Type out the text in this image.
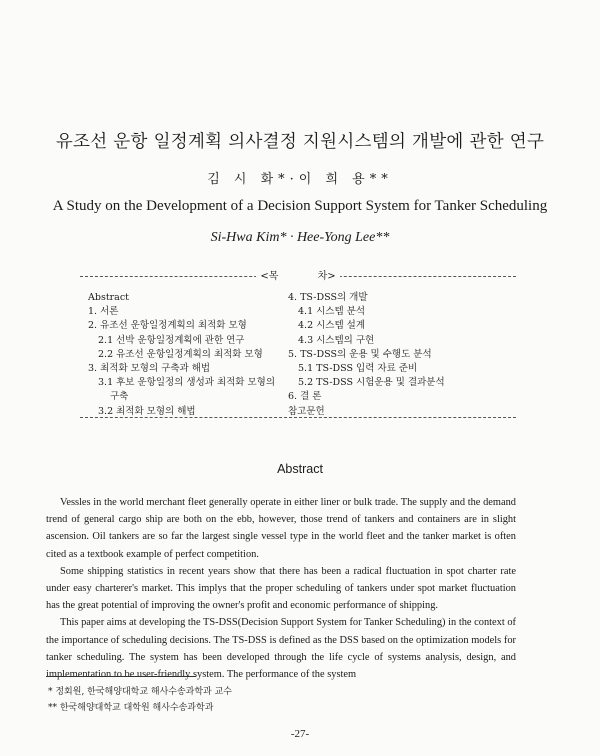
유조선 운항 일정계획 의사결정 지원시스템의 개발에 관한 연구
김 시 화*·이 희 용**
A Study on the Development of a Decision Support System for Tanker Scheduling
Si-Hwa Kim* · Hee-Yong Lee**
<목 차>
Abstract
1. 서론
2. 유조선 운항일정계획의 최적화 모형
2.1 선박 운항일정계획에 관한 연구
2.2 유조선 운항일정계획의 최적화 모형
3. 최적화 모형의 구축과 해법
3.1 후보 운항일정의 생성과 최적화 모형의
구축
3.2 최적화 모형의 해법
4. TS-DSS의 개발
4.1 시스템 분석
4.2 시스템 설계
4.3 시스템의 구현
5. TS-DSS의 운용 및 수행도 분석
5.1 TS-DSS 입력 자료 준비
5.2 TS-DSS 시험운용 및 결과분석
6. 결 론
참고문헌
Abstract

Vessles in the world merchant fleet generally operate in either liner or bulk trade. The supply and the demand trend of general cargo ship are both on the ebb, however, those trend of tankers and containers are in slight ascension. Oil tankers are so far the largest single vessel type in the world fleet and the tanker market is often cited as a textbook example of perfect competition.

Some shipping statistics in recent years show that there has been a radical fluctuation in spot charter rate under easy charterer's market. This implys that the proper scheduling of tankers under spot market fluctuation has the great potential of improving the owner's profit and economic performance of shipping.

This paper aims at developing the TS-DSS(Decision Support System for Tanker Scheduling) in the context of the importance of scheduling decisions. The TS-DSS is defined as the DSS based on the optimization models for tanker scheduling. The system has been developed through the life cycle of systems analysis, design, and implementation to be user-friendly system. The performance of the system

* 정회원, 한국해양대학교 해사수송과학과 교수
** 한국해양대학교 대학원 해사수송과학과
-27-
